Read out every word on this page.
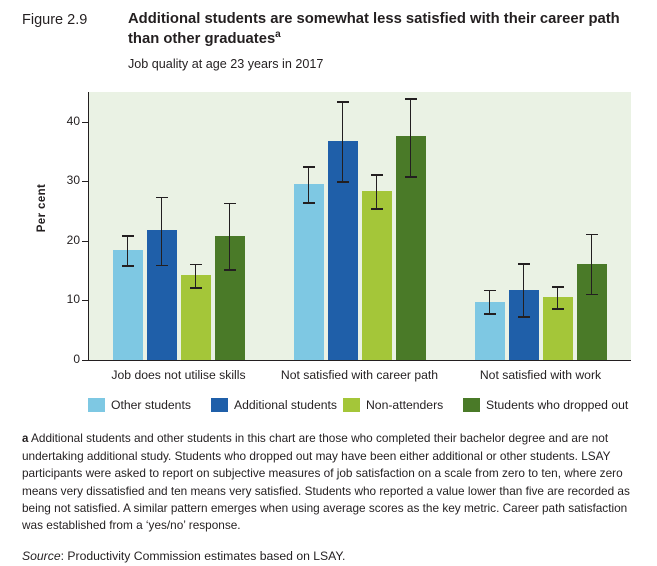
Figure 2.9	Additional students are somewhat less satisfied with their career path than other graduates$^a$
Job quality at age 23 years in 2017
Per cent
0
10
20
30
40
Job does not utilise skills	Not satisfied with career path	Not satisfied with work
Other students	Additional students Non-attenders	Students who dropped out
a Additional students and other students in this chart are those who completed their bachelor degree and are not undertaking additional study. Students who dropped out may have been either additional or other students. LSAY participants were asked to report on subjective measures of job satisfaction on a scale from zero to ten, where zero means very dissatisfied and ten means very satisfied. Students who reported a value lower than five are recorded as being not satisfied. A similar pattern emerges when using average scores as the key metric. Career path satisfaction was established from a ‘yes/no’ response.
Source: Productivity Commission estimates based on LSAY.
